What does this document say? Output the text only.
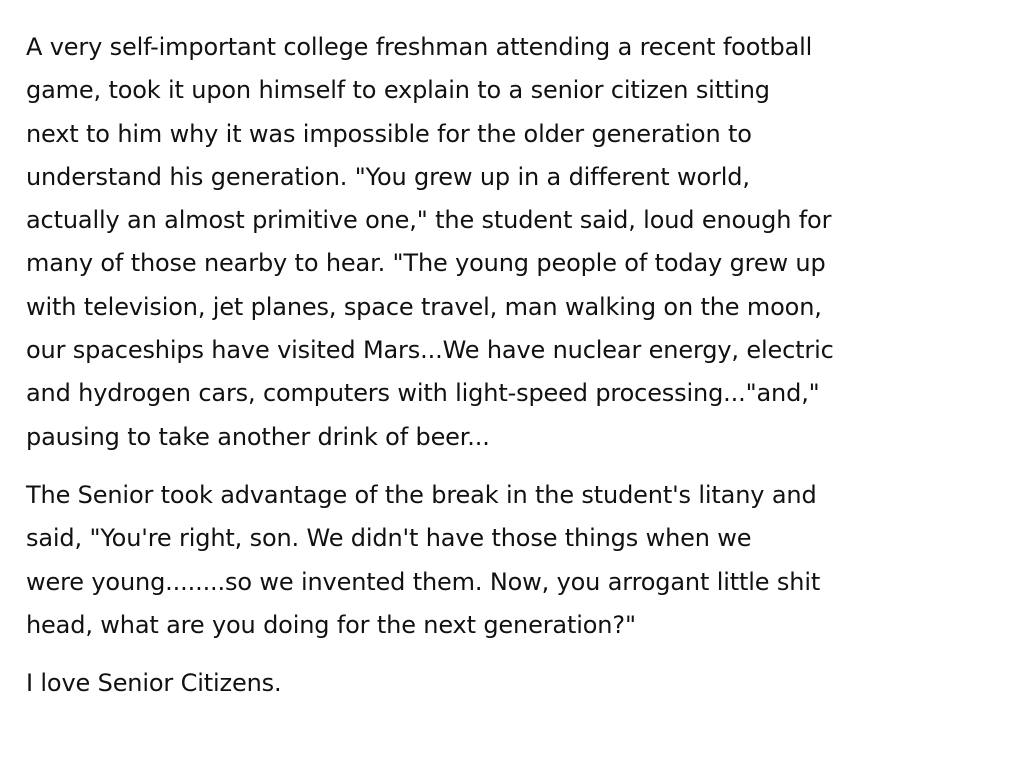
A very self-important college freshman attending a recent football
game, took it upon himself to explain to a senior citizen sitting
next to him why it was impossible for the older generation to
understand his generation. "You grew up in a different world,
actually an almost primitive one," the student said, loud enough for
many of those nearby to hear. "The young people of today grew up
with television, jet planes, space travel, man walking on the moon,
our spaceships have visited Mars...We have nuclear energy, electric
and hydrogen cars, computers with light-speed processing..."and,"
pausing to take another drink of beer...
The Senior took advantage of the break in the student's litany and
said, "You're right, son. We didn't have those things when we
were young........so we invented them. Now, you arrogant little shit
head, what are you doing for the next generation?"
I love Senior Citizens.
